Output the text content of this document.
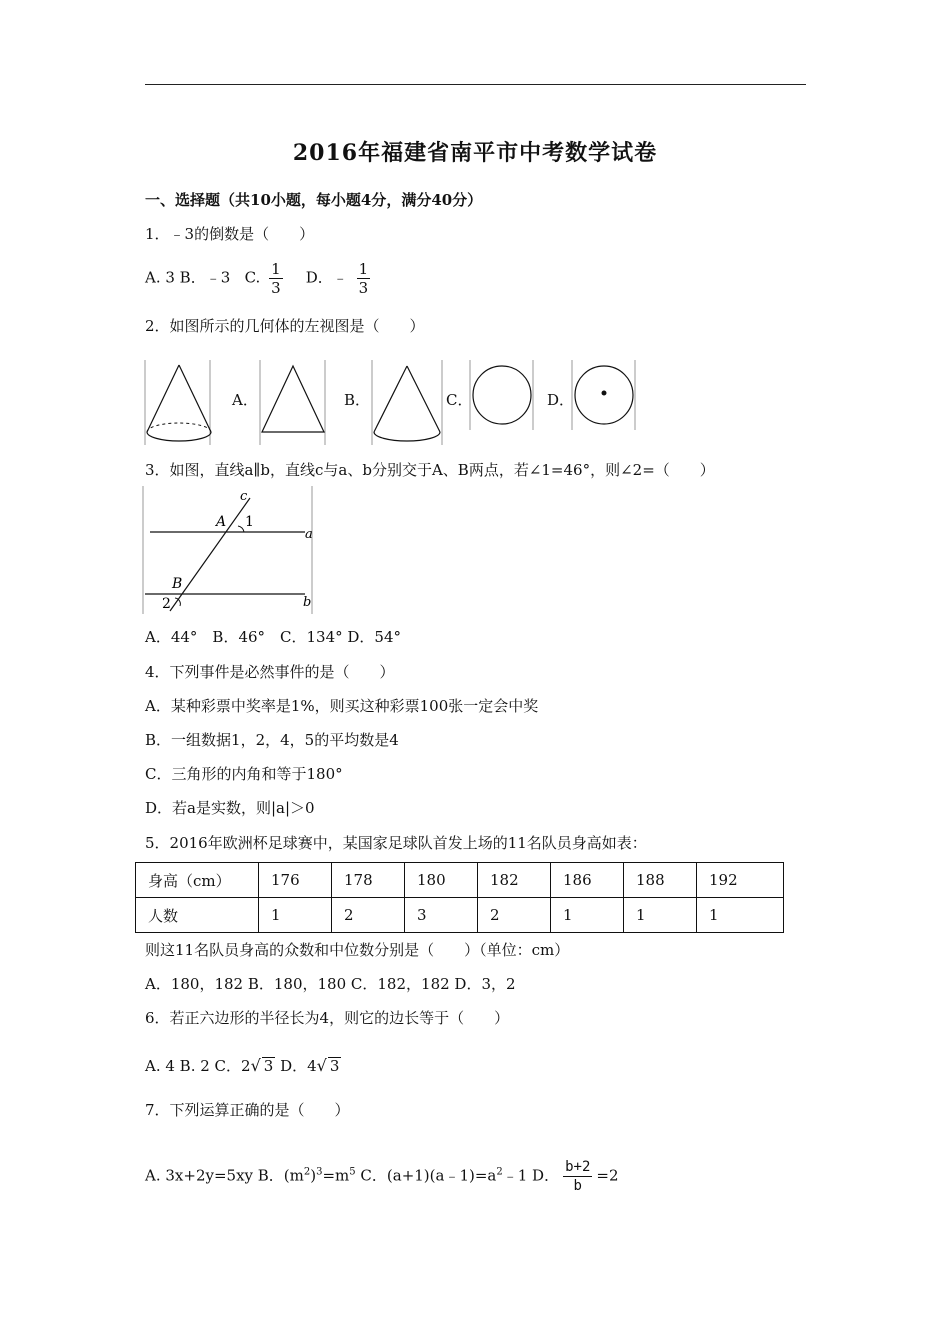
2016年福建省南平市中考数学试卷
一、选择题（共10小题，每小题4分，满分40分）
1．﹣3的倒数是（　　）
A. 3 B．﹣3 C. $\frac{1}{3}$ D．﹣ $\frac{1}{3}$
2．如图所示的几何体的左视图是（　　）
A．	B．	C．	D．
3．如图，直线a∥b，直线c与a、b分别交于A、B两点，若∠1=46°，则∠2=（　　）
c
A 1
a
B
2	b
A．44°　B．46°　C．134° D．54°
4．下列事件是必然事件的是（　　）
A．某种彩票中奖率是1%，则买这种彩票100张一定会中奖
B．一组数据1，2，4，5的平均数是4
C．三角形的内角和等于180°
D．若a是实数，则|a|＞0
5．2016年欧洲杯足球赛中，某国家足球队首发上场的11名队员身高如表：
身高（cm）	176	178	180	182	186	188	192
人数	1	2	3	2	1	1	1
则这11名队员身高的众数和中位数分别是（　　）（单位：cm）
A．180，182 B．180，180 C．182，182 D．3，2
6．若正六边形的半径长为4，则它的边长等于（　　）
A. 4 B. 2 C．2√ 3 D．4√ 3
7．下列运算正确的是（　　）
A. 3x+2y=5xy B．$(m^2)^3=m^5$ C．$(a+1)(a﹣1)=a^2﹣1$ D． $\frac{b+2}{b} =2$
